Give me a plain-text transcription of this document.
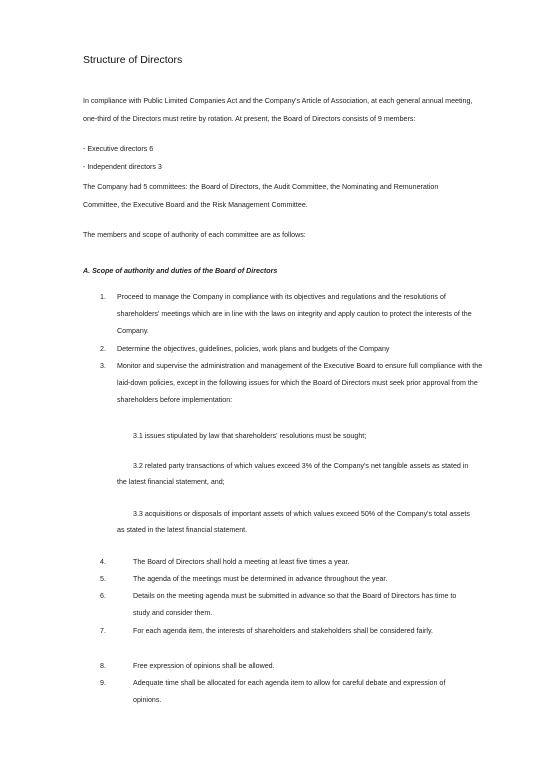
Structure of Directors
In compliance with Public Limited Companies Act and the Company's Article of Association, at each general annual meeting, one-third of the Directors must retire by rotation. At present, the Board of Directors consists of 9 members:
- Executive directors 6
- Independent directors 3
The Company had 5 committees: the Board of Directors, the Audit Committee, the Nominating and Remuneration Committee, the Executive Board and the Risk Management Committee.
The members and scope of authority of each committee are as follows:
A. Scope of authority and duties of the Board of Directors
1.	Proceed to manage the Company in compliance with its objectives and regulations and the resolutions of shareholders' meetings which are in line with the laws on integrity and apply caution to protect the interests of the Company.
2.	Determine the objectives, guidelines, policies, work plans and budgets of the Company
3.	Monitor and supervise the administration and management of the Executive Board to ensure full compliance with the laid-down policies, except in the following issues for which the Board of Directors must seek prior approval from the shareholders before implementation:
3.1 issues stipulated by law that shareholders' resolutions must be sought;
3.2 related party transactions of which values exceed 3% of the Company's net tangible assets as stated in the latest financial statement, and;
3.3 acquisitions or disposals of important assets of which values exceed 50% of the Company's total assets as stated in the latest financial statement.
4.	The Board of Directors shall hold a meeting at least five times a year.
5.	The agenda of the meetings must be determined in advance throughout the year.
6.	Details on the meeting agenda must be submitted in advance so that the Board of Directors has time to study and consider them.
7.	For each agenda item, the interests of shareholders and stakeholders shall be considered fairly.
8.	Free expression of opinions shall be allowed.
9.	Adequate time shall be allocated for each agenda item to allow for careful debate and expression of opinions.
